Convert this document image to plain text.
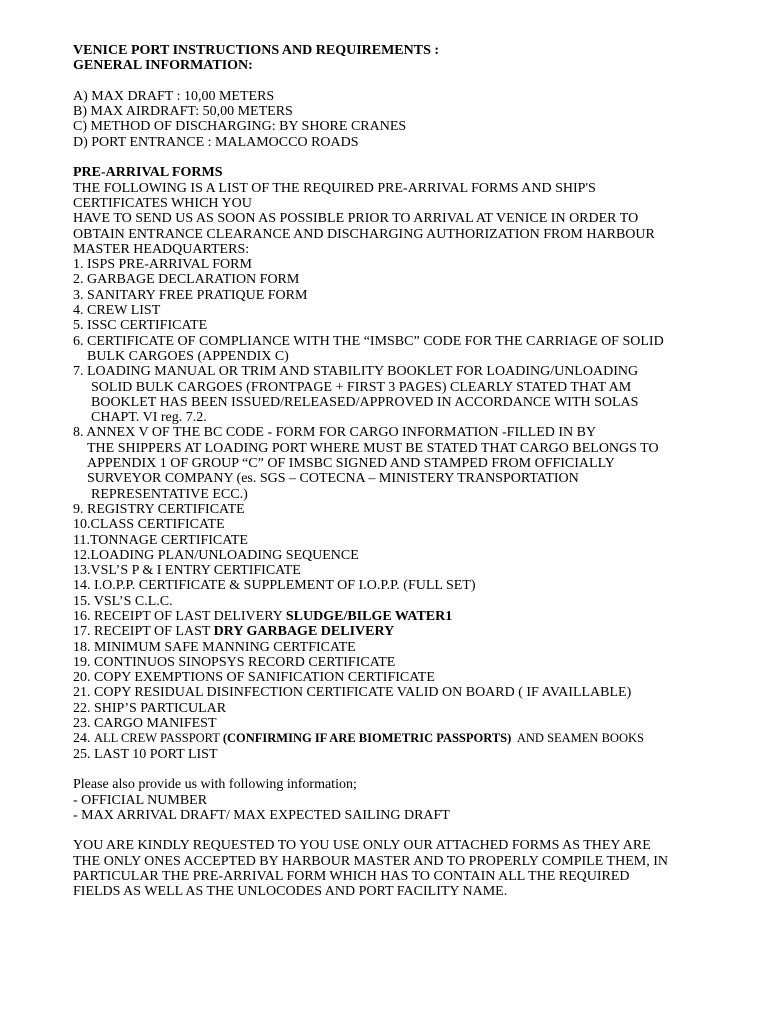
VENICE PORT INSTRUCTIONS AND REQUIREMENTS :
GENERAL INFORMATION:
A) MAX DRAFT : 10,00 METERS
B) MAX AIRDRAFT: 50,00 METERS
C) METHOD OF DISCHARGING: BY SHORE CRANES
D) PORT ENTRANCE : MALAMOCCO ROADS
PRE-ARRIVAL FORMS
THE FOLLOWING IS A LIST OF THE REQUIRED PRE-ARRIVAL FORMS AND SHIP'S
CERTIFICATES WHICH YOU
HAVE TO SEND US AS SOON AS POSSIBLE PRIOR TO ARRIVAL AT VENICE IN ORDER TO
OBTAIN ENTRANCE CLEARANCE AND DISCHARGING AUTHORIZATION FROM HARBOUR
MASTER HEADQUARTERS:
1. ISPS PRE-ARRIVAL FORM
2. GARBAGE DECLARATION FORM
3. SANITARY FREE PRATIQUE FORM
4. CREW LIST
5. ISSC CERTIFICATE
6. CERTIFICATE OF COMPLIANCE WITH THE “IMSBC” CODE FOR THE CARRIAGE OF SOLID
BULK CARGOES (APPENDIX C)
7. LOADING MANUAL OR TRIM AND STABILITY BOOKLET FOR LOADING/UNLOADING
SOLID BULK CARGOES (FRONTPAGE + FIRST 3 PAGES) CLEARLY STATED THAT AM
BOOKLET HAS BEEN ISSUED/RELEASED/APPROVED IN ACCORDANCE WITH SOLAS
CHAPT. VI reg. 7.2.
8. ANNEX V OF THE BC CODE - FORM FOR CARGO INFORMATION -FILLED IN BY
THE SHIPPERS AT LOADING PORT WHERE MUST BE STATED THAT CARGO BELONGS TO
APPENDIX 1 OF GROUP “C” OF IMSBC SIGNED AND STAMPED FROM OFFICIALLY
SURVEYOR COMPANY (es. SGS – COTECNA – MINISTERY TRANSPORTATION
REPRESENTATIVE ECC.)
9. REGISTRY CERTIFICATE
10.CLASS CERTIFICATE
11.TONNAGE CERTIFICATE
12.LOADING PLAN/UNLOADING SEQUENCE
13.VSL’S P & I ENTRY CERTIFICATE
14. I.O.P.P. CERTIFICATE & SUPPLEMENT OF I.O.P.P. (FULL SET)
15. VSL’S C.L.C.
16. RECEIPT OF LAST DELIVERY SLUDGE/BILGE WATER1
17. RECEIPT OF LAST DRY GARBAGE DELIVERY
18. MINIMUM SAFE MANNING CERTFICATE
19. CONTINUOS SINOPSYS RECORD CERTIFICATE
20. COPY EXEMPTIONS OF SANIFICATION CERTIFICATE
21. COPY RESIDUAL DISINFECTION CERTIFICATE VALID ON BOARD ( IF AVAILLABLE)
22. SHIP’S PARTICULAR
23. CARGO MANIFEST
24. ALL CREW PASSPORT (CONFIRMING IF ARE BIOMETRIC PASSPORTS)  AND SEAMEN BOOKS
25. LAST 10 PORT LIST
Please also provide us with following information;
- OFFICIAL NUMBER
- MAX ARRIVAL DRAFT/ MAX EXPECTED SAILING DRAFT
YOU ARE KINDLY REQUESTED TO YOU USE ONLY OUR ATTACHED FORMS AS THEY ARE
THE ONLY ONES ACCEPTED BY HARBOUR MASTER AND TO PROPERLY COMPILE THEM, IN
PARTICULAR THE PRE-ARRIVAL FORM WHICH HAS TO CONTAIN ALL THE REQUIRED
FIELDS AS WELL AS THE UNLOCODES AND PORT FACILITY NAME.
